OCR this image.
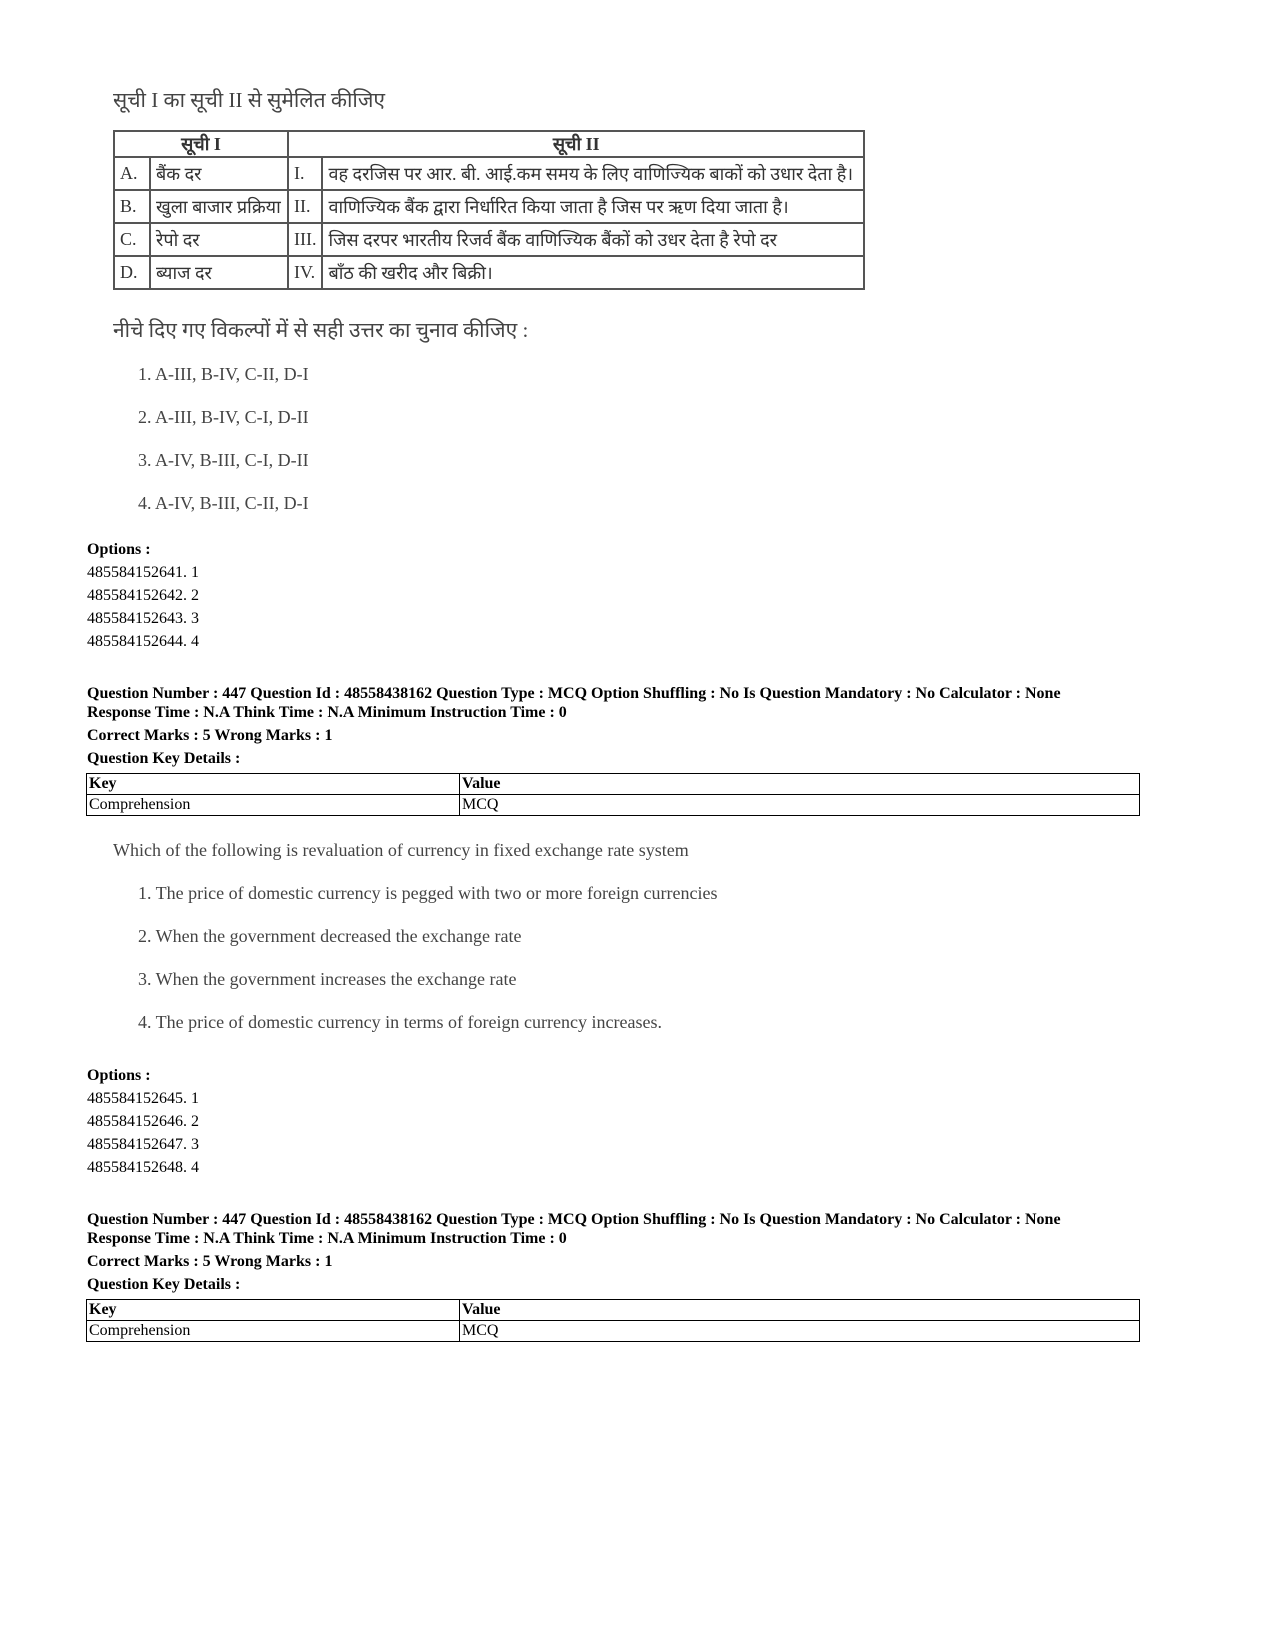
सूची I का सूची II से सुमेलित कीजिए
सूची I		सूची II	
A.	बैंक दर	I.	वह दरजिस पर आर. बी. आई.कम समय के लिए वाणिज्यिक बाकों को उधार देता है।
B.	खुला बाजार प्रक्रिया	II.	वाणिज्यिक बैंक द्वारा निर्धारित किया जाता है जिस पर ऋण दिया जाता है।
C.	रेपो दर	III.	जिस दरपर भारतीय रिजर्व बैंक वाणिज्यिक बैंकों को उधर देता है रेपो दर
D.	ब्याज दर	IV.	बाँठ की खरीद और बिक्री।
नीचे दिए गए विकल्पों में से सही उत्तर का चुनाव कीजिए :
1. A-III, B-IV, C-II, D-I
2. A-III, B-IV, C-I, D-II
3. A-IV, B-III, C-I, D-II
4. A-IV, B-III, C-II, D-I
Options :
485584152641. 1
485584152642. 2
485584152643. 3
485584152644. 4
Question Number : 447 Question Id : 48558438162 Question Type : MCQ Option Shuffling : No Is Question Mandatory : No Calculator : None
Response Time : N.A Think Time : N.A Minimum Instruction Time : 0
Correct Marks : 5 Wrong Marks : 1
Question Key Details :
Key	Value
Comprehension	MCQ
Which of the following is revaluation of currency in fixed exchange rate system
1. The price of domestic currency is pegged with two or more foreign currencies
2. When the government decreased the exchange rate
3. When the government increases the exchange rate
4. The price of domestic currency in terms of foreign currency increases.
Options :
485584152645. 1
485584152646. 2
485584152647. 3
485584152648. 4
Question Number : 447 Question Id : 48558438162 Question Type : MCQ Option Shuffling : No Is Question Mandatory : No Calculator : None
Response Time : N.A Think Time : N.A Minimum Instruction Time : 0
Correct Marks : 5 Wrong Marks : 1
Question Key Details :
Key	Value
Comprehension	MCQ
